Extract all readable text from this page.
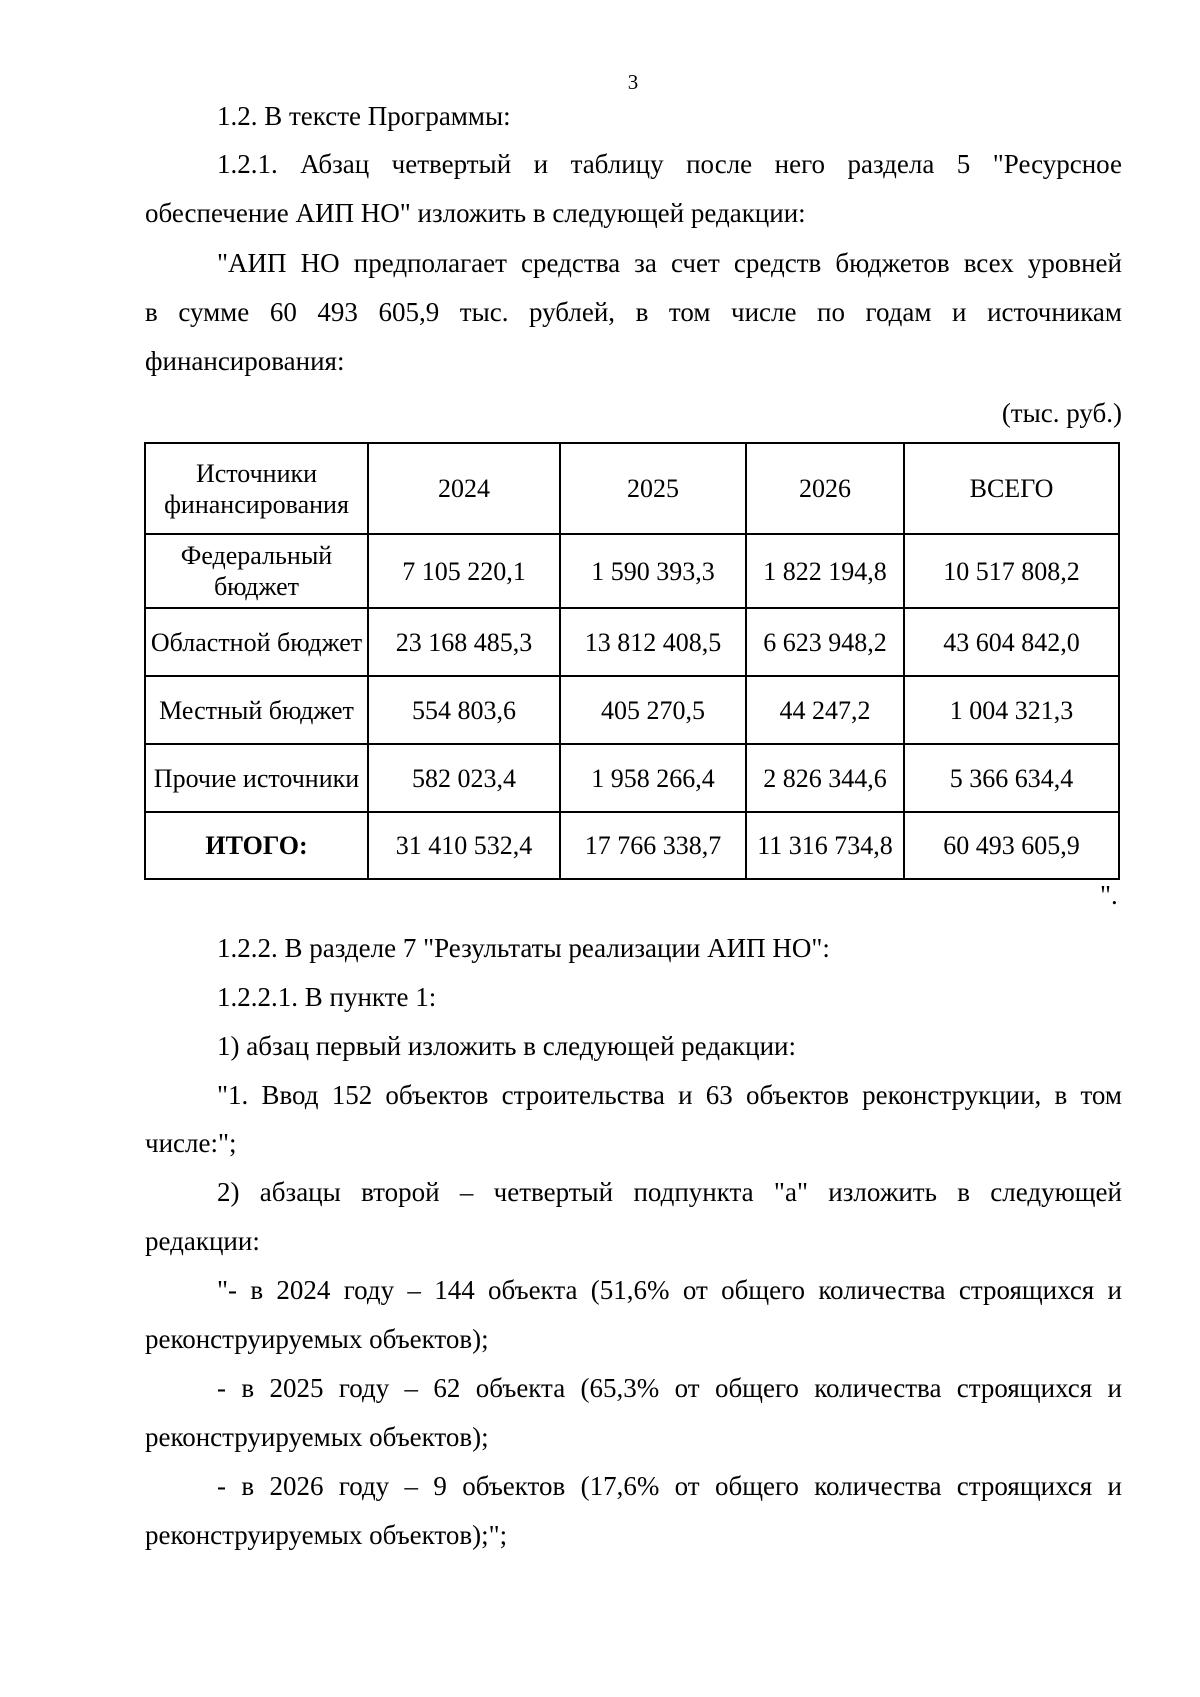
3

1.2. В тексте Программы:

1.2.1. Абзац четвертый и таблицу после него раздела 5 "Ресурсное

обеспечение АИП НО" изложить в следующей редакции:

"АИП НО предполагает средства за счет средств бюджетов всех уровней

в сумме 60 493 605,9 тыс. рублей, в том числе по годам и источникам

финансирования:

(тыс. руб.)
Источники финансирования	2024	2025	2026	ВСЕГО
Федеральный бюджет	7 105 220,1	1 590 393,3	1 822 194,8	10 517 808,2
Областной бюджет	23 168 485,3	13 812 408,5	6 623 948,2	43 604 842,0
Местный бюджет	554 803,6	405 270,5	44 247,2	1 004 321,3
Прочие источники	582 023,4	1 958 266,4	2 826 344,6	5 366 634,4
ИТОГО:	31 410 532,4	17 766 338,7	11 316 734,8	60 493 605,9
".

1.2.2. В разделе 7 "Результаты реализации АИП НО":

1.2.2.1. В пункте 1:

1) абзац первый изложить в следующей редакции:

"1. Ввод 152 объектов строительства и 63 объектов реконструкции, в том

числе:";

2) абзацы второй – четвертый подпункта "а" изложить в следующей

редакции:

"- в 2024 году – 144 объекта (51,6% от общего количества строящихся и

реконструируемых объектов);

- в 2025 году – 62 объекта (65,3% от общего количества строящихся и

реконструируемых объектов);

- в 2026 году – 9 объектов (17,6% от общего количества строящихся и

реконструируемых объектов);";
